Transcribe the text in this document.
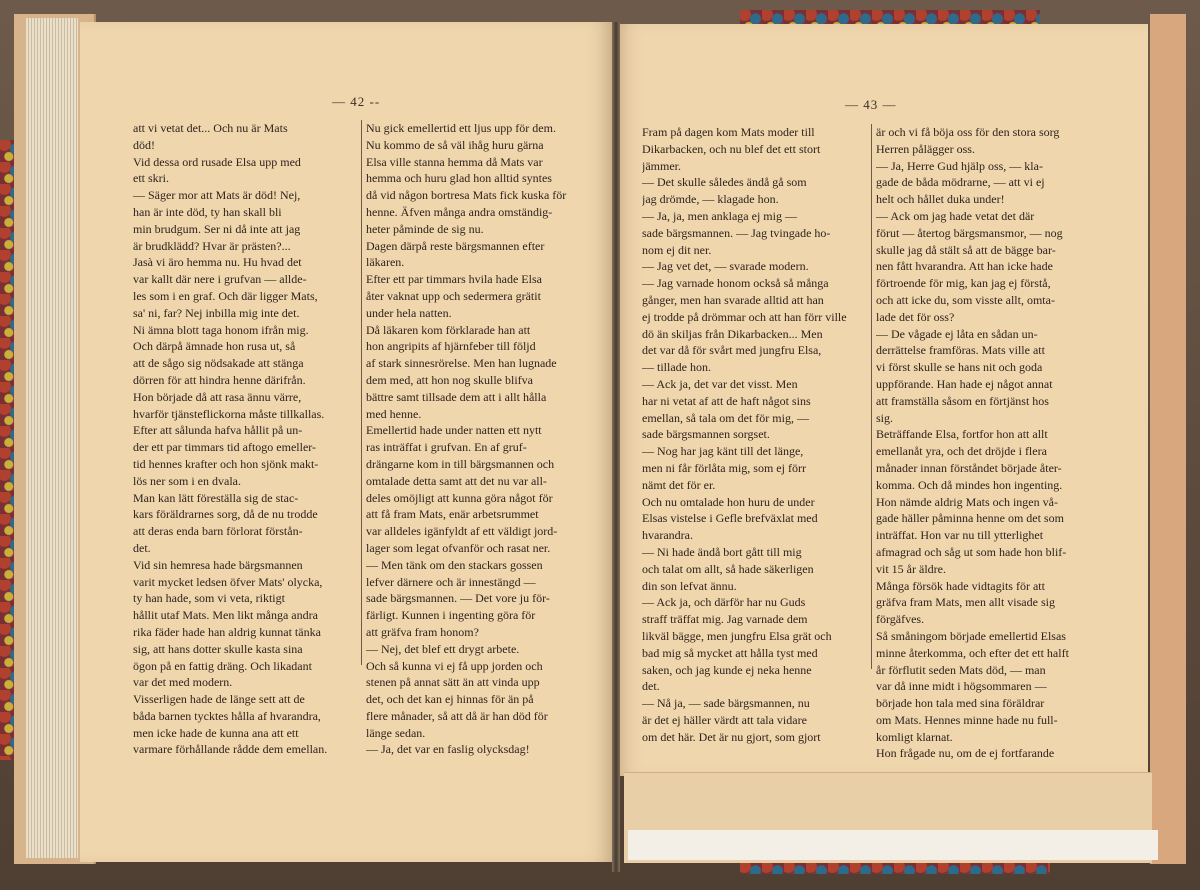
— 42 --	— 43 —
att vi vetat det... Och nu är Mats
död!
Vid dessa ord rusade Elsa upp med
ett skri.
— Säger mor att Mats är död! Nej,
han är inte död, ty han skall bli
min brudgum. Ser ni då inte att jag
är brudklädd? Hvar är prästen?...
Jasà vi äro hemma nu. Hu hvad det
var kallt där nere i grufvan — allde-
les som i en graf. Och där ligger Mats,
sa' ni, far? Nej inbilla mig inte det.
Ni ämna blott taga honom ifrån mig.
Och därpå ämnade hon rusa ut, så
att de sågo sig nödsakade att stänga
dörren för att hindra henne därifrån.
Hon började då att rasa ännu värre,
hvarför tjänsteflickorna måste tillkallas.
Efter att sålunda hafva hållit på un-
der ett par timmars tid aftogo emeller-
tid hennes krafter och hon sjönk makt-
lös ner som i en dvala.
Man kan lätt föreställa sig de stac-
kars föräldrarnes sorg, då de nu trodde
att deras enda barn förlorat förstån-
det.
Vid sin hemresa hade bärgsmannen
varit mycket ledsen öfver Mats' olycka,
ty han hade, som vi veta, riktigt
hållit utaf Mats. Men likt många andra
rika fäder hade han aldrig kunnat tänka
sig, att hans dotter skulle kasta sina
ögon på en fattig dräng. Och likadant
var det med modern.
Visserligen hade de länge sett att de
båda barnen tycktes hålla af hvarandra,
men icke hade de kunna ana att ett
varmare förhållande rådde dem emellan.
Nu gick emellertid ett ljus upp för dem.
Nu kommo de så väl ihåg huru gärna
Elsa ville stanna hemma då Mats var
hemma och huru glad hon alltid syntes
då vid någon bortresa Mats fick kuska för
henne. Äfven många andra omständig-
heter påminde de sig nu.
Dagen därpå reste bärgsmannen efter
läkaren.
Efter ett par timmars hvila hade Elsa
åter vaknat upp och sedermera grätit
under hela natten.
Då läkaren kom förklarade han att
hon angripits af hjärnfeber till följd
af stark sinnesrörelse. Men han lugnade
dem med, att hon nog skulle blifva
bättre samt tillsade dem att i allt hålla
med henne.
Emellertid hade under natten ett nytt
ras inträffat i grufvan. En af gruf-
drängarne kom in till bärgsmannen och
omtalade detta samt att det nu var all-
deles omöjligt att kunna göra något för
att få fram Mats, enär arbetsrummet
var alldeles igänfyldt af ett väldigt jord-
lager som legat ofvanför och rasat ner.
— Men tänk om den stackars gossen
lefver därnere och är innestängd —
sade bärgsmannen. — Det vore ju för-
färligt. Kunnen i ingenting göra för
att gräfva fram honom?
— Nej, det blef ett drygt arbete.
Och så kunna vi ej få upp jorden och
stenen på annat sätt än att vinda upp
det, och det kan ej hinnas för än på
flere månader, så att då är han död för
länge sedan.
— Ja, det var en faslig olycksdag!
Fram på dagen kom Mats moder till
Dikarbacken, och nu blef det ett stort
jämmer.
— Det skulle således ändå gå som
jag drömde, — klagade hon.
— Ja, ja, men anklaga ej mig —
sade bärgsmannen. — Jag tvingade ho-
nom ej dit ner.
— Jag vet det, — svarade modern.
— Jag varnade honom också så många
gånger, men han svarade alltid att han
ej trodde på drömmar och att han förr ville
dö än skiljas från Dikarbacken... Men
det var då för svårt med jungfru Elsa,
— tillade hon.
— Ack ja, det var det visst. Men
har ni vetat af att de haft något sins
emellan, så tala om det för mig, —
sade bärgsmannen sorgset.
— Nog har jag känt till det länge,
men ni får förlåta mig, som ej förr
nämt det för er.
Och nu omtalade hon huru de under
Elsas vistelse i Gefle brefväxlat med
hvarandra.
— Ni hade ändå bort gått till mig
och talat om allt, så hade säkerligen
din son lefvat ännu.
— Ack ja, och därför har nu Guds
straff träffat mig. Jag varnade dem
likväl bägge, men jungfru Elsa grät och
bad mig så mycket att hålla tyst med
saken, och jag kunde ej neka henne
det.
— Nå ja, — sade bärgsmannen, nu
är det ej häller värdt att tala vidare
om det här. Det är nu gjort, som gjort
är och vi få böja oss för den stora sorg
Herren pålägger oss.
— Ja, Herre Gud hjälp oss, — kla-
gade de båda mödrarne, — att vi ej
helt och hållet duka under!
— Ack om jag hade vetat det där
förut — återtog bärgsmansmor, — nog
skulle jag då stält så att de bägge bar-
nen fått hvarandra. Att han icke hade
förtroende för mig, kan jag ej förstå,
och att icke du, som visste allt, omta-
lade det för oss?
— De vågade ej låta en sådan un-
derrättelse framföras. Mats ville att
vi först skulle se hans nit och goda
uppförande. Han hade ej något annat
att framställa såsom en förtjänst hos
sig.
Beträffande Elsa, fortfor hon att allt
emellanåt yra, och det dröjde i flera
månader innan förståndet började åter-
komma. Och då mindes hon ingenting.
Hon nämde aldrig Mats och ingen vå-
gade häller påminna henne om det som
inträffat. Hon var nu till ytterlighet
afmagrad och såg ut som hade hon blif-
vit 15 år äldre.
Många försök hade vidtagits för att
gräfva fram Mats, men allt visade sig
förgäfves.
Så småningom började emellertid Elsas
minne återkomma, och efter det ett halft
år förflutit seden Mats död, — man
var då inne midt i högsommaren —
började hon tala med sina föräldrar
om Mats. Hennes minne hade nu full-
komligt klarnat.
Hon frågade nu, om de ej fortfarande
